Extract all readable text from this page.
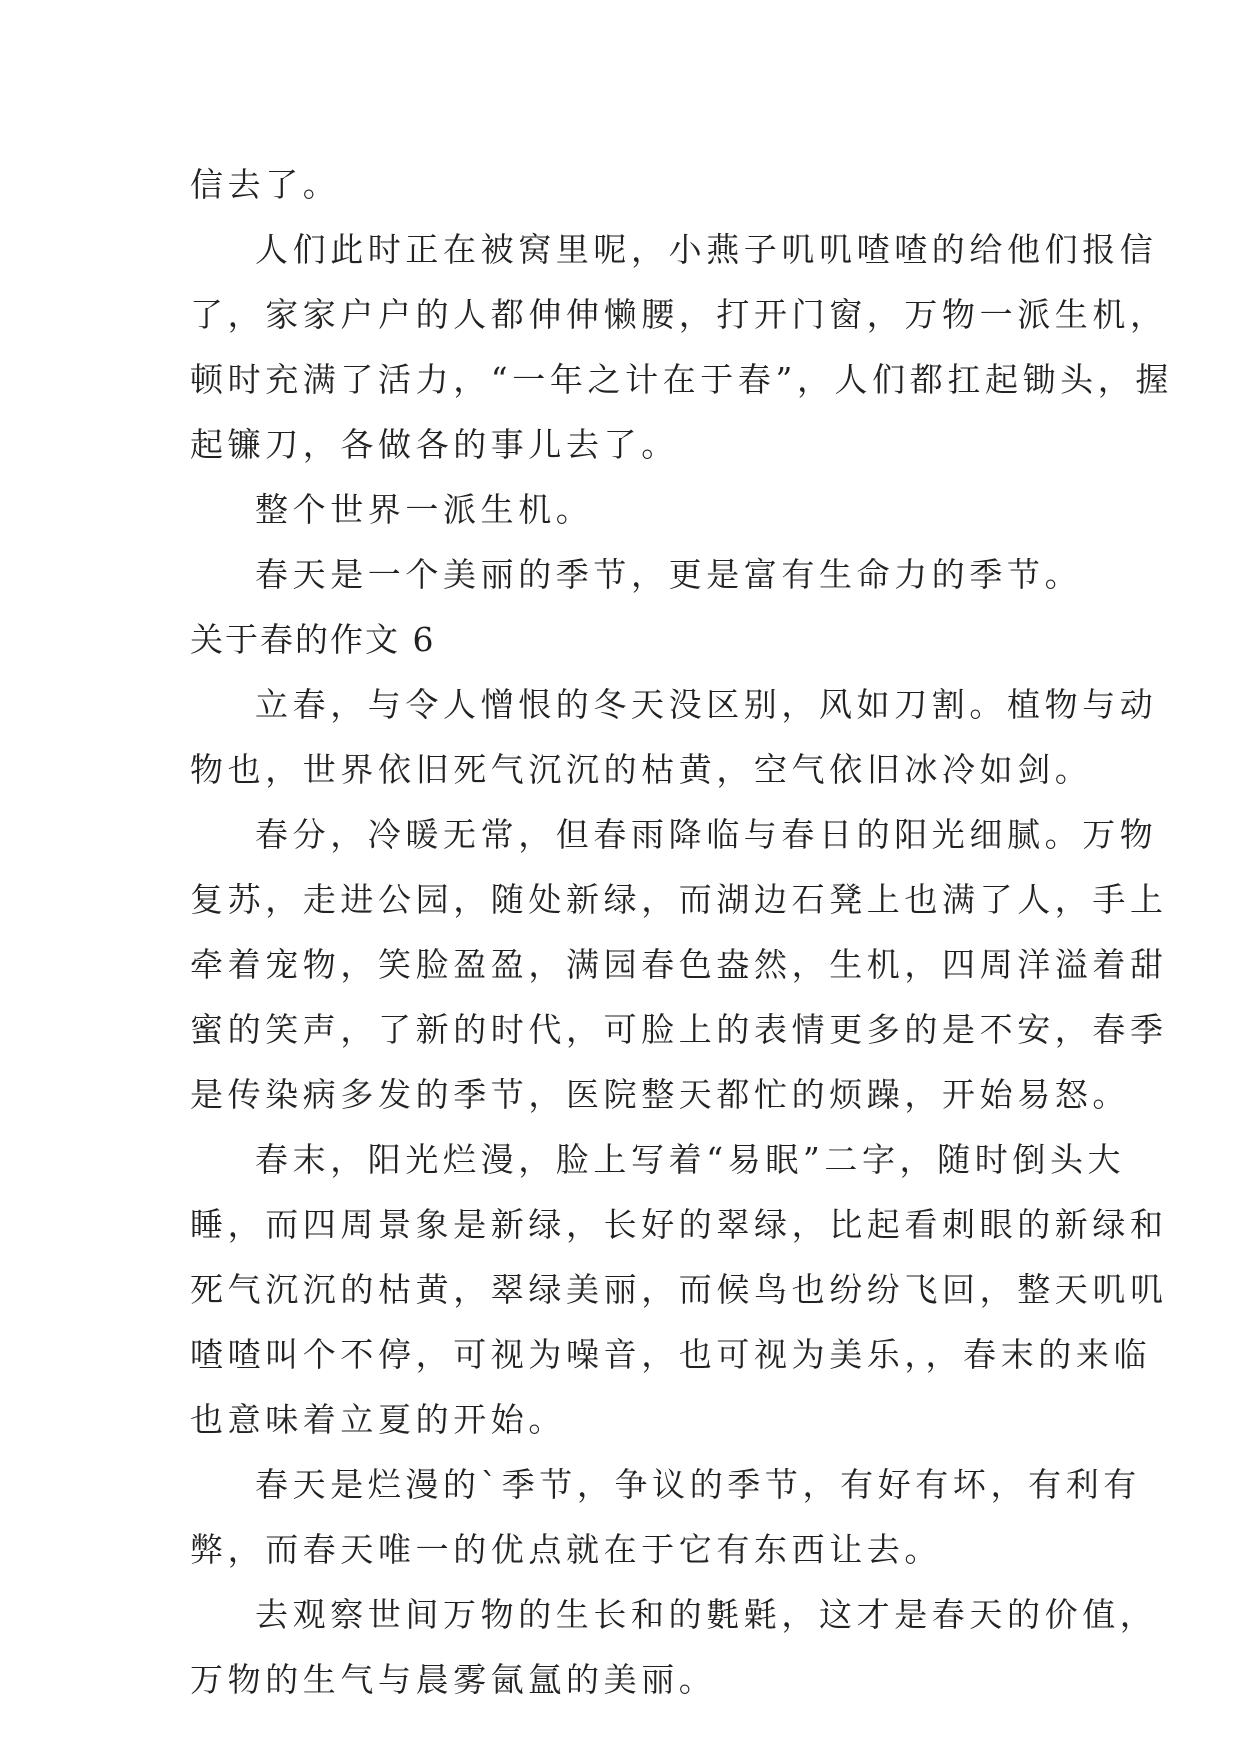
信去了。
人们此时正在被窝里呢，小燕子叽叽喳喳的给他们报信
了，家家户户的人都伸伸懒腰，打开门窗，万物一派生机，
顿时充满了活力，“一年之计在于春”，人们都扛起锄头，握
起镰刀，各做各的事儿去了。
整个世界一派生机。
春天是一个美丽的季节，更是富有生命力的季节。
关于春的作文 6
立春，与令人憎恨的冬天没区别，风如刀割。植物与动
物也，世界依旧死气沉沉的枯黄，空气依旧冰冷如剑。
春分，冷暖无常，但春雨降临与春日的阳光细腻。万物
复苏，走进公园，随处新绿，而湖边石凳上也满了人，手上
牵着宠物，笑脸盈盈，满园春色盎然，生机，四周洋溢着甜
蜜的笑声，了新的时代，可脸上的表情更多的是不安，春季
是传染病多发的季节，医院整天都忙的烦躁，开始易怒。
春末，阳光烂漫，脸上写着“易眠”二字，随时倒头大
睡，而四周景象是新绿，长好的翠绿，比起看刺眼的新绿和
死气沉沉的枯黄，翠绿美丽，而候鸟也纷纷飞回，整天叽叽
喳喳叫个不停，可视为噪音，也可视为美乐，，春末的来临
也意味着立夏的开始。
春天是烂漫的`季节，争议的季节，有好有坏，有利有
弊，而春天唯一的优点就在于它有东西让去。
去观察世间万物的生长和的氀氉，这才是春天的价值，
万物的生气与晨雾氤氲的美丽。
